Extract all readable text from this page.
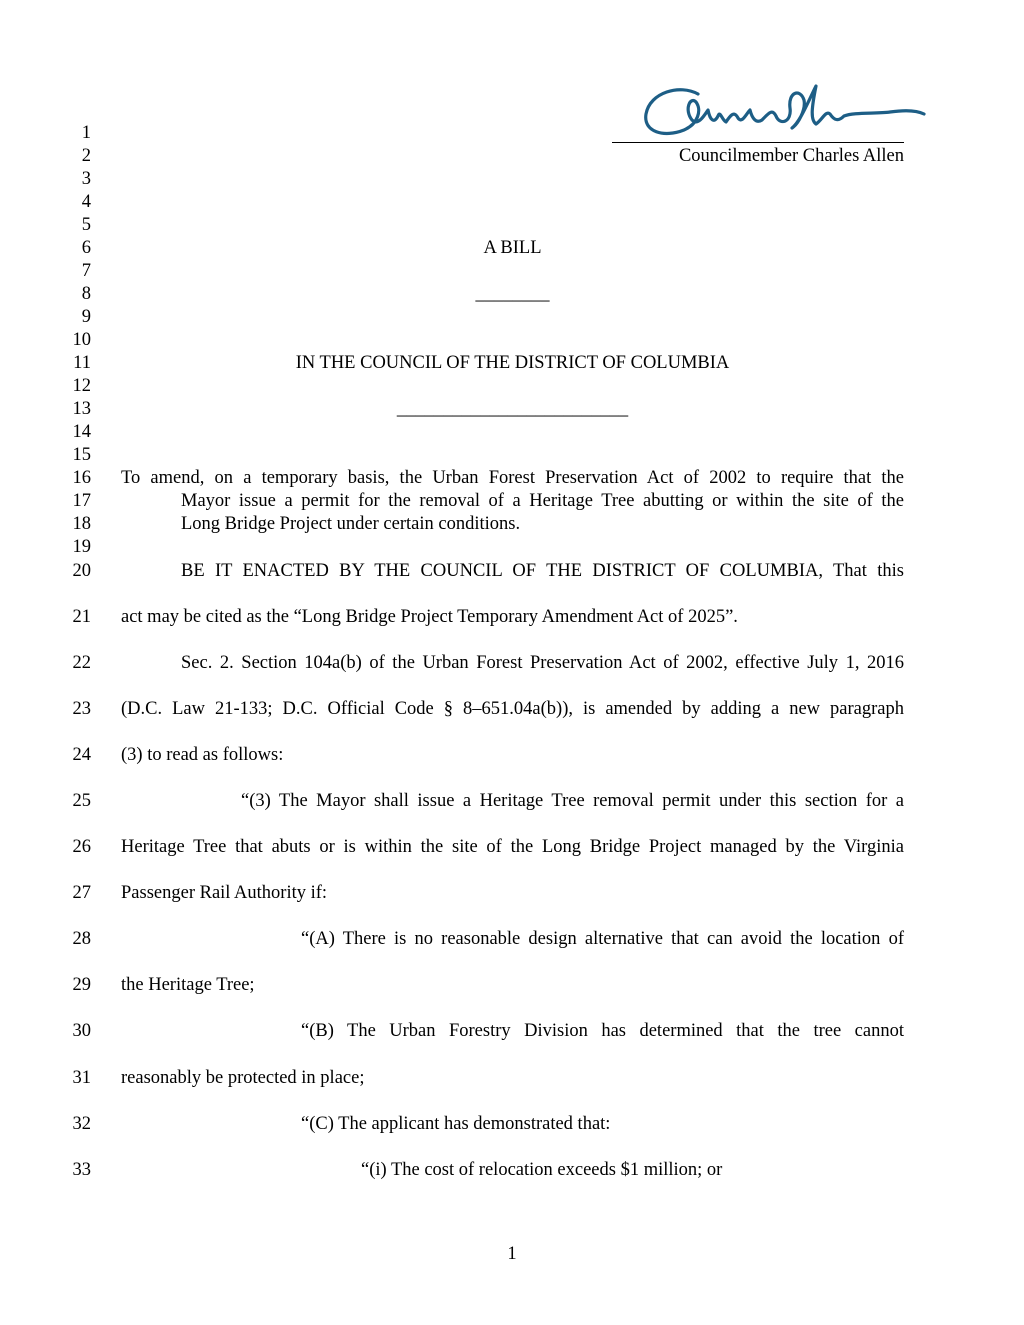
Councilmember Charles Allen
1
2
3
4
5
6
7
8
9
10
11
12
13
14
15
16
17
18
19
20
21
22
23
24
25
26
27
28
29
30
31
32
33
A BILL
________
IN THE COUNCIL OF THE DISTRICT OF COLUMBIA
_________________________
To amend, on a temporary basis, the Urban Forest Preservation Act of 2002 to require that the
Mayor issue a permit for the removal of a Heritage Tree abutting or within the site of the
Long Bridge Project under certain conditions.
BE IT ENACTED BY THE COUNCIL OF THE DISTRICT OF COLUMBIA, That this
act may be cited as the “Long Bridge Project Temporary Amendment Act of 2025”.
Sec. 2. Section 104a(b) of the Urban Forest Preservation Act of 2002, effective July 1, 2016
(D.C. Law 21-133; D.C. Official Code § 8–651.04a(b)), is amended by adding a new paragraph
(3) to read as follows:
“(3) The Mayor shall issue a Heritage Tree removal permit under this section for a
Heritage Tree that abuts or is within the site of the Long Bridge Project managed by the Virginia
Passenger Rail Authority if:
“(A) There is no reasonable design alternative that can avoid the location of
the Heritage Tree;
“(B) The Urban Forestry Division has determined that the tree cannot
reasonably be protected in place;
“(C) The applicant has demonstrated that:
“(i) The cost of relocation exceeds $1 million; or
1
